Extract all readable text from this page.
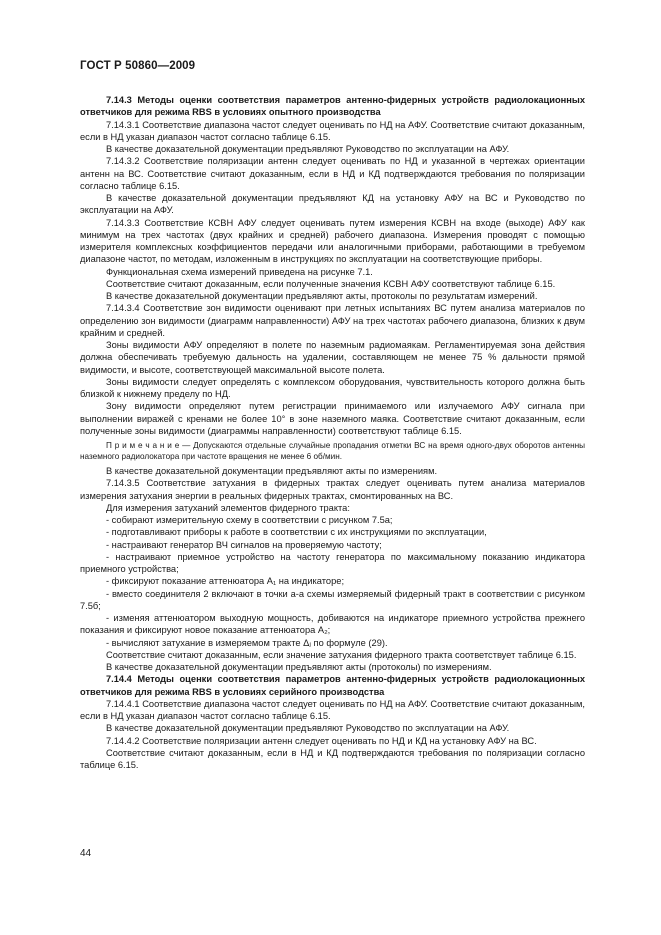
ГОСТ Р 50860—2009

7.14.3 Методы оценки соответствия параметров антенно-фидерных устройств радиолокационных ответчиков для режима RBS в условиях опытного производства

7.14.3.1 Соответствие диапазона частот следует оценивать по НД на АФУ. Соответствие считают доказанным, если в НД указан диапазон частот согласно таблице 6.15.

В качестве доказательной документации предъявляют Руководство по эксплуатации на АФУ.

7.14.3.2 Соответствие поляризации антенн следует оценивать по НД и указанной в чертежах ориентации антенн на ВС. Соответствие считают доказанным, если в НД и КД подтверждаются требования по поляризации согласно таблице 6.15.

В качестве доказательной документации предъявляют КД на установку АФУ на ВС и Руководство по эксплуатации на АФУ.

7.14.3.3 Соответствие КСВН АФУ следует оценивать путем измерения КСВН на входе (выходе) АФУ как минимум на трех частотах (двух крайних и средней) рабочего диапазона. Измерения проводят с помощью измерителя комплексных коэффициентов передачи или аналогичными приборами, работающими в требуемом диапазоне частот, по методам, изложенным в инструкциях по эксплуатации на соответствующие приборы.

Функциональная схема измерений приведена на рисунке 7.1.

Соответствие считают доказанным, если полученные значения КСВН АФУ соответствуют таблице 6.15.

В качестве доказательной документации предъявляют акты, протоколы по результатам измерений.

7.14.3.4 Соответствие зон видимости оценивают при летных испытаниях ВС путем анализа материалов по определению зон видимости (диаграмм направленности) АФУ на трех частотах рабочего диапазона, близких к двум крайним и средней.

Зоны видимости АФУ определяют в полете по наземным радиомаякам. Регламентируемая зона действия должна обеспечивать требуемую дальность на удалении, составляющем не менее 75 % дальности прямой видимости, и высоте, соответствующей максимальной высоте полета.

Зоны видимости следует определять с комплексом оборудования, чувствительность которого должна быть близкой к нижнему пределу по НД.

Зону видимости определяют путем регистрации принимаемого или излучаемого АФУ сигнала при выполнении виражей с кренами не более 10° в зоне наземного маяка. Соответствие считают доказанным, если полученные зоны видимости (диаграммы направленности) соответствуют таблице 6.15.

П р и м е ч а н и е — Допускаются отдельные случайные пропадания отметки ВС на время одного-двух оборотов антенны наземного радиолокатора при частоте вращения не менее 6 об/мин.

В качестве доказательной документации предъявляют акты по измерениям.

7.14.3.5 Соответствие затухания в фидерных трактах следует оценивать путем анализа материалов измерения затухания энергии в реальных фидерных трактах, смонтированных на ВС.

Для измерения затуханий элементов фидерного тракта:

- собирают измерительную схему в соответствии с рисунком 7.5а;

- подготавливают приборы к работе в соответствии с их инструкциями по эксплуатации,

- настраивают генератор ВЧ сигналов на проверяемую частоту;

- настраивают приемное устройство на частоту генератора по максимальному показанию индикатора приемного устройства;

- фиксируют показание аттенюатора A₁ на индикаторе;

- вместо соединителя 2 включают в точки а-а схемы измеряемый фидерный тракт в соответствии с рисунком 7.5б;

- изменяя аттенюатором выходную мощность, добиваются на индикаторе приемного устройства прежнего показания и фиксируют новое показание аттенюатора A₂;

- вычисляют затухание в измеряемом тракте Δⱼ по формуле (29).

Соответствие считают доказанным, если значение затухания фидерного тракта соответствует таблице 6.15.

В качестве доказательной документации предъявляют акты (протоколы) по измерениям.

7.14.4 Методы оценки соответствия параметров антенно-фидерных устройств радиолокационных ответчиков для режима RBS в условиях серийного производства

7.14.4.1 Соответствие диапазона частот следует оценивать по НД на АФУ. Соответствие считают доказанным, если в НД указан диапазон частот согласно таблице 6.15.

В качестве доказательной документации предъявляют Руководство по эксплуатации на АФУ.

7.14.4.2 Соответствие поляризации антенн следует оценивать по НД и КД на установку АФУ на ВС.

Соответствие считают доказанным, если в НД и КД подтверждаются требования по поляризации согласно таблице 6.15.

44
